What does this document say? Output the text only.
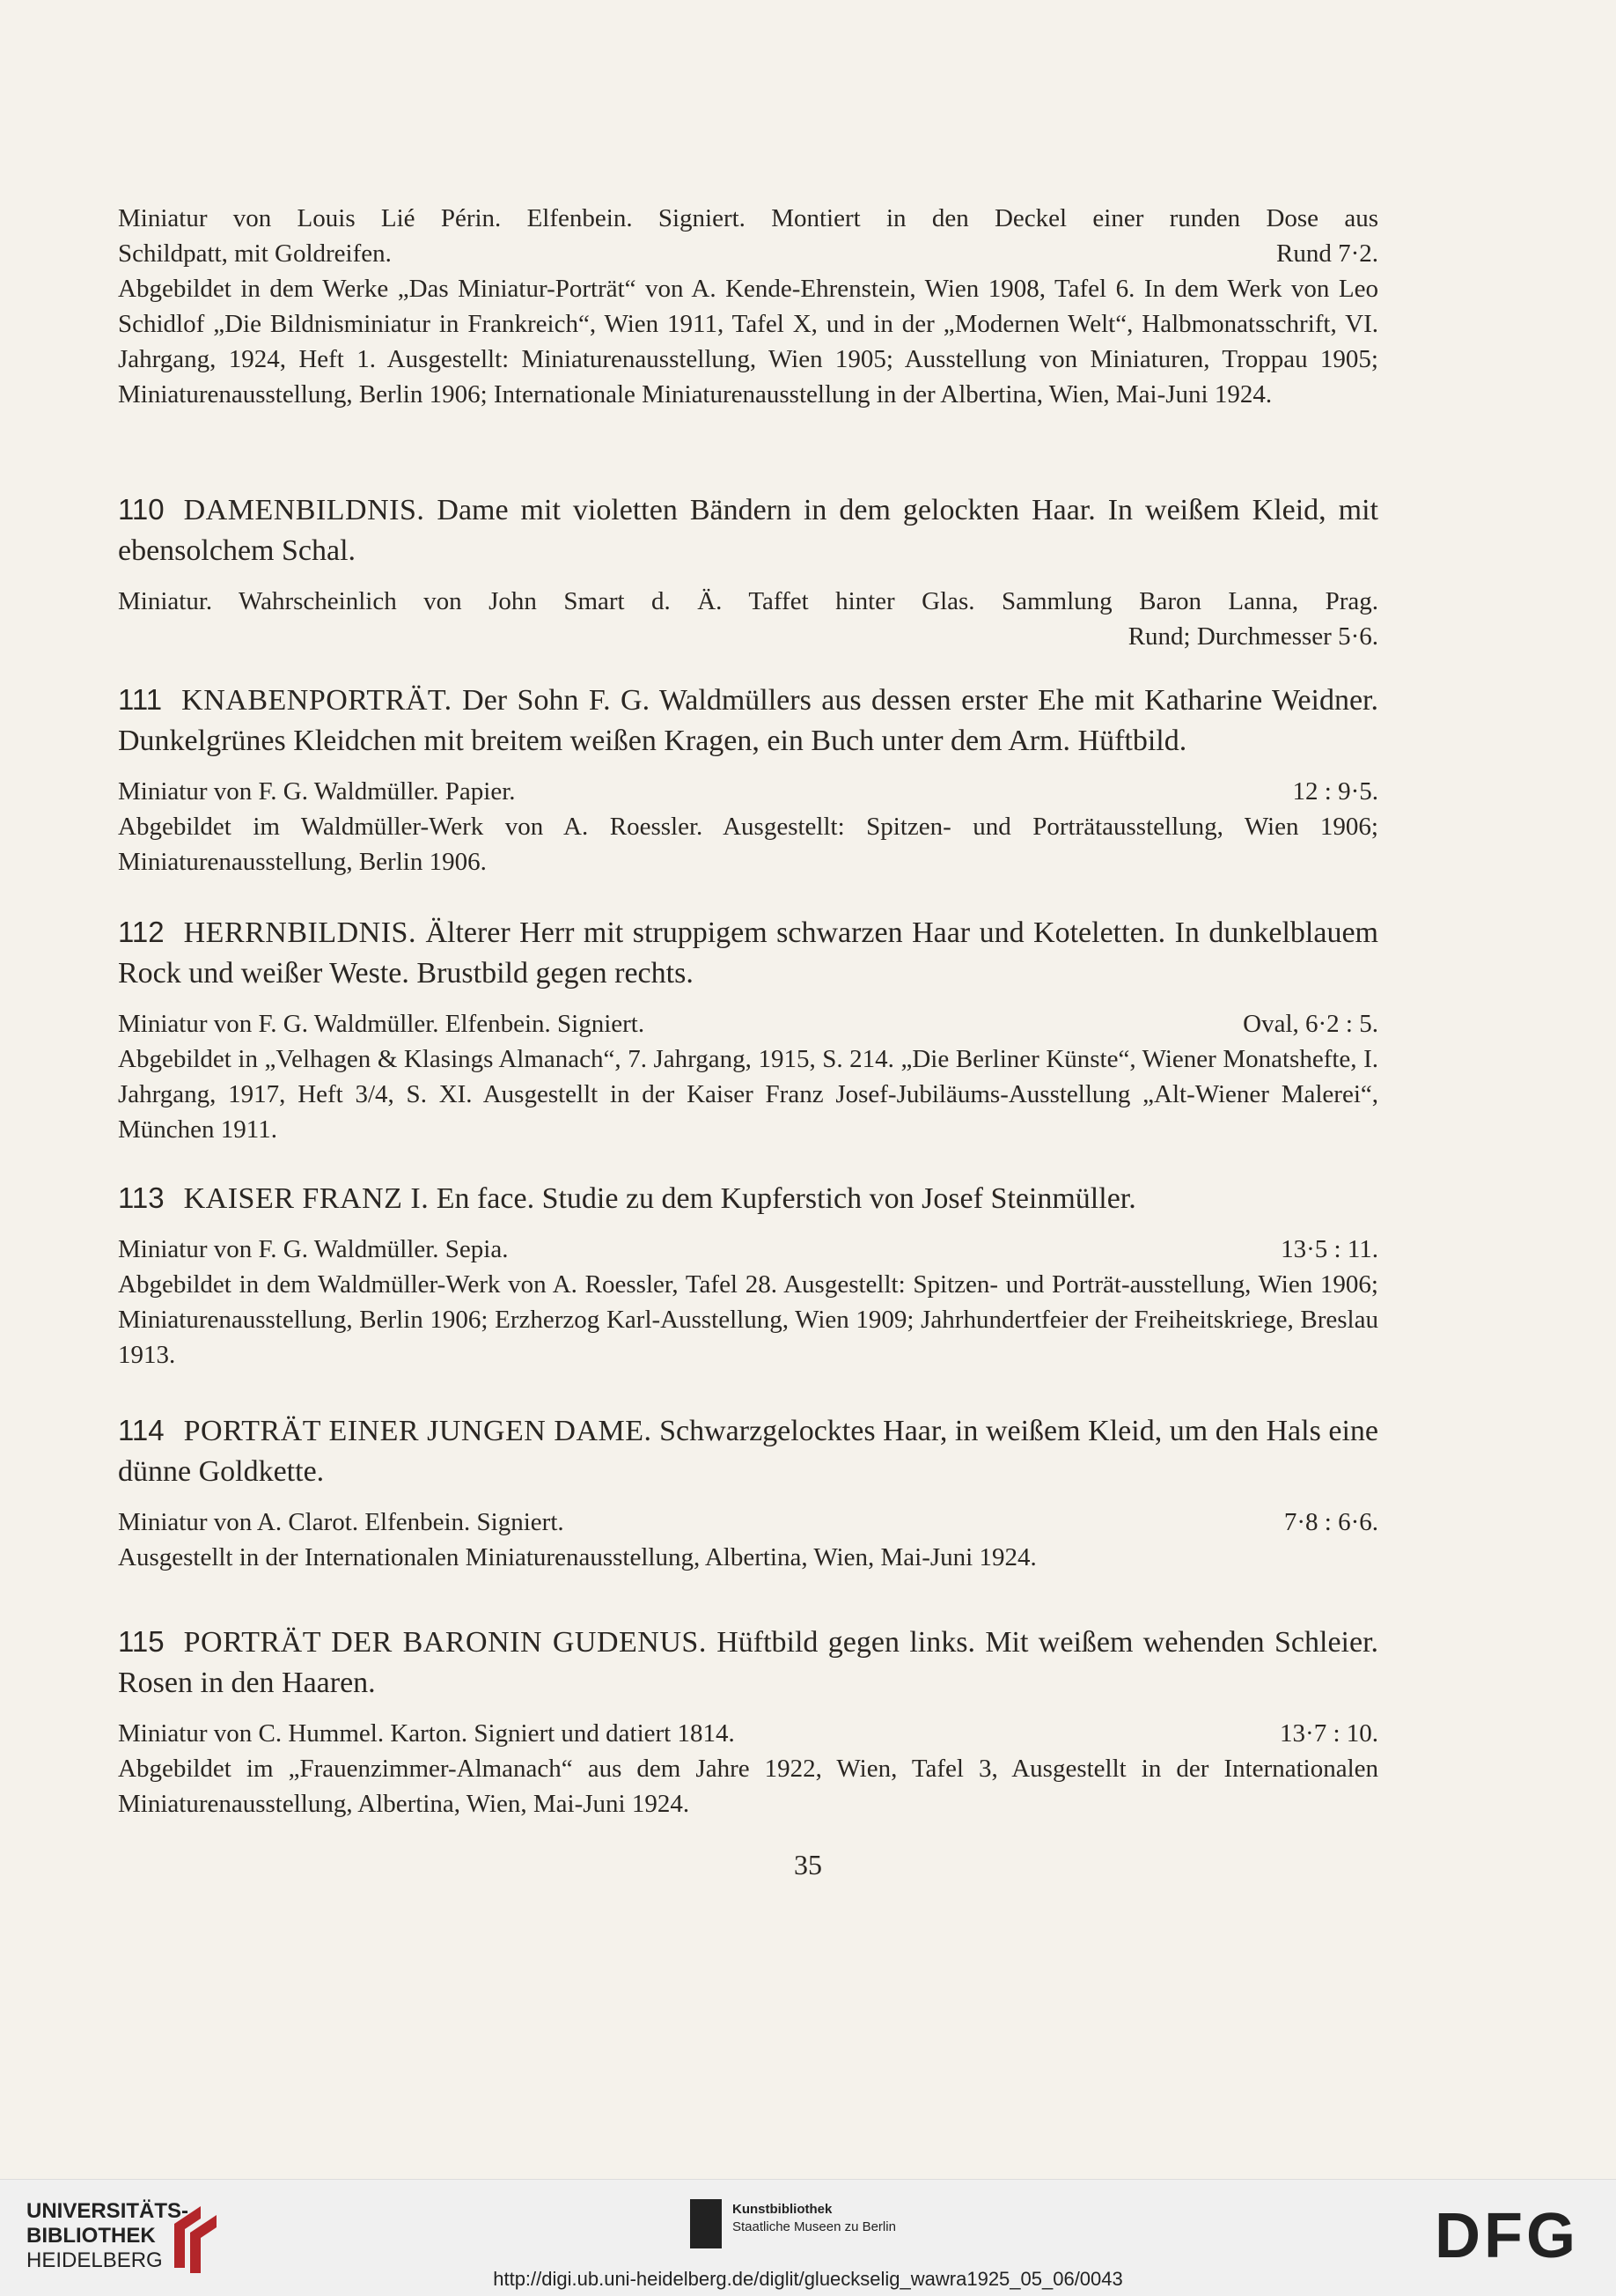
Miniatur von Louis Lié Périn. Elfenbein. Signiert. Montiert in den Deckel einer runden Dose aus

Schildpatt, mit Goldreifen.	Rund 7·2.

Abgebildet in dem Werke „Das Miniatur-Porträt“ von A. Kende-Ehrenstein, Wien 1908, Tafel 6. In dem Werk von Leo Schidlof „Die Bildnisminiatur in Frankreich“, Wien 1911, Tafel X, und in der „Modernen Welt“, Halbmonatsschrift, VI. Jahrgang, 1924, Heft 1. Ausgestellt: Miniaturenausstellung, Wien 1905; Ausstellung von Miniaturen, Troppau 1905; Miniaturenausstellung, Berlin 1906; Internationale Miniaturenausstellung in der Albertina, Wien, Mai-Juni 1924.

110 DAMENBILDNIS. Dame mit violetten Bändern in dem gelockten Haar. In weißem Kleid, mit ebensolchem Schal.

Miniatur. Wahrscheinlich von John Smart d. Ä. Taffet hinter Glas. Sammlung Baron Lanna, Prag.

Rund; Durchmesser 5·6.

111 KNABENPORTRÄT. Der Sohn F. G. Waldmüllers aus dessen erster Ehe mit Katharine Weidner. Dunkelgrünes Kleidchen mit breitem weißen Kragen, ein Buch unter dem Arm. Hüftbild.

Miniatur von F. G. Waldmüller. Papier.	12 : 9·5.

Abgebildet im Waldmüller-Werk von A. Roessler. Ausgestellt: Spitzen- und Porträtausstellung, Wien 1906; Miniaturenausstellung, Berlin 1906.

112 HERRNBILDNIS. Älterer Herr mit struppigem schwarzen Haar und Koteletten. In dunkelblauem Rock und weißer Weste. Brustbild gegen rechts.

Miniatur von F. G. Waldmüller. Elfenbein. Signiert.	Oval, 6·2 : 5.

Abgebildet in „Velhagen & Klasings Almanach“, 7. Jahrgang, 1915, S. 214. „Die Berliner Künste“, Wiener Monatshefte, I. Jahrgang, 1917, Heft 3/4, S. XI. Ausgestellt in der Kaiser Franz Josef-Jubiläums-Ausstellung „Alt-Wiener Malerei“, München 1911.

113 KAISER FRANZ I. En face. Studie zu dem Kupferstich von Josef Steinmüller.

Miniatur von F. G. Waldmüller. Sepia.	13·5 : 11.

Abgebildet in dem Waldmüller-Werk von A. Roessler, Tafel 28. Ausgestellt: Spitzen- und Porträt-ausstellung, Wien 1906; Miniaturenausstellung, Berlin 1906; Erzherzog Karl-Ausstellung, Wien 1909; Jahrhundertfeier der Freiheitskriege, Breslau 1913.

114 PORTRÄT EINER JUNGEN DAME. Schwarzgelocktes Haar, in weißem Kleid, um den Hals eine dünne Goldkette.

Miniatur von A. Clarot. Elfenbein. Signiert.	7·8 : 6·6.

Ausgestellt in der Internationalen Miniaturenausstellung, Albertina, Wien, Mai-Juni 1924.

115 PORTRÄT DER BARONIN GUDENUS. Hüftbild gegen links. Mit weißem wehenden Schleier. Rosen in den Haaren.

Miniatur von C. Hummel. Karton. Signiert und datiert 1814.	13·7 : 10.

Abgebildet im „Frauenzimmer-Almanach“ aus dem Jahre 1922, Wien, Tafel 3, Ausgestellt in der Internationalen Miniaturenausstellung, Albertina, Wien, Mai-Juni 1924.

35
UNIVERSITÄTS-
BIBLIOTHEK
HEIDELBERG
Kunstbibliothek
Staatliche Museen zu Berlin	DFG
http://digi.ub.uni-heidelberg.de/diglit/glueckselig_wawra1925_05_06/0043
